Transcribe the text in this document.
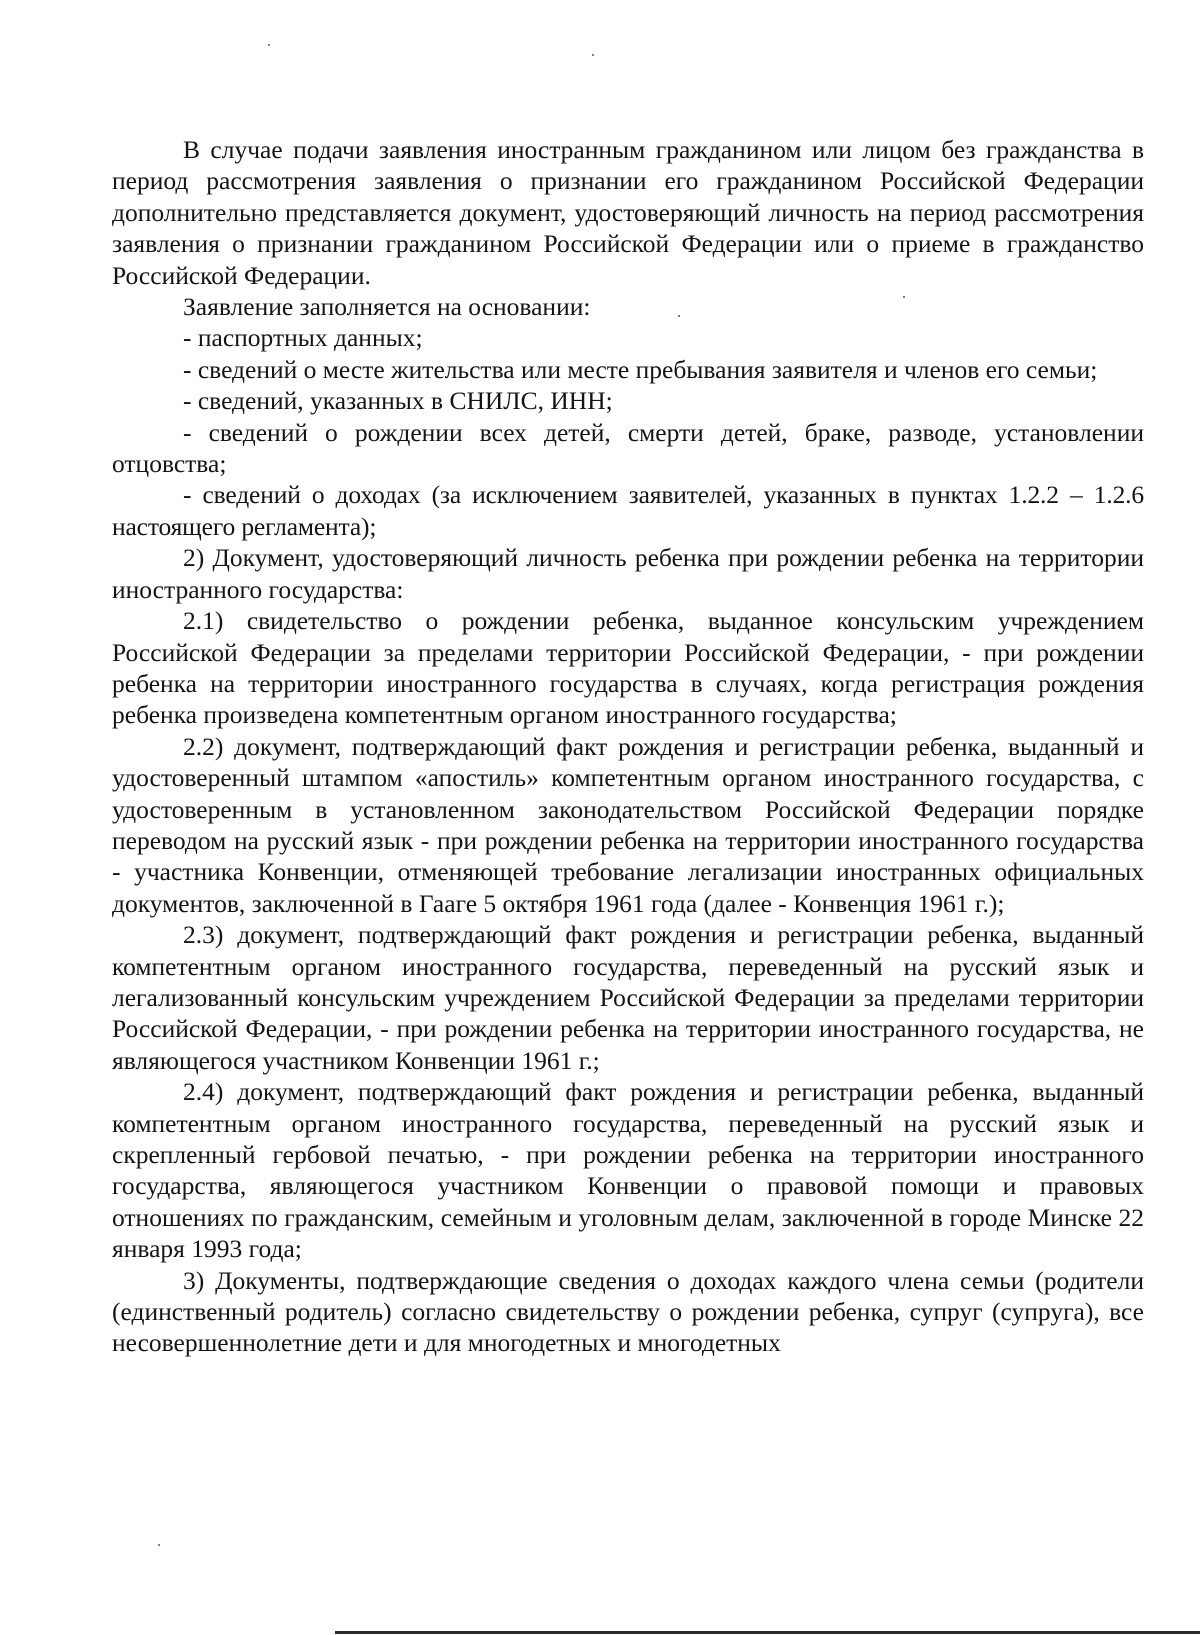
В случае подачи заявления иностранным гражданином или лицом без гражданства в период рассмотрения заявления о признании его гражданином Российской Федерации дополнительно представляется документ, удостоверяющий личность на период рассмотрения заявления о признании гражданином Российской Федерации или о приеме в гражданство Российской Федерации.

Заявление заполняется на основании:

- паспортных данных;

- сведений о месте жительства или месте пребывания заявителя и членов его семьи;

- сведений, указанных в СНИЛС, ИНН;

- сведений о рождении всех детей, смерти детей, браке, разводе, установлении отцовства;

- сведений о доходах (за исключением заявителей, указанных в пунктах 1.2.2 – 1.2.6 настоящего регламента);

2) Документ, удостоверяющий личность ребенка при рождении ребенка на территории иностранного государства:

2.1) свидетельство о рождении ребенка, выданное консульским учреждением Российской Федерации за пределами территории Российской Федерации, - при рождении ребенка на территории иностранного государства в случаях, когда регистрация рождения ребенка произведена компетентным органом иностранного государства;

2.2) документ, подтверждающий факт рождения и регистрации ребенка, выданный и удостоверенный штампом «апостиль» компетентным органом иностранного государства, с удостоверенным в установленном законодательством Российской Федерации порядке переводом на русский язык - при рождении ребенка на территории иностранного государства - участника Конвенции, отменяющей требование легализации иностранных официальных документов, заключенной в Гааге 5 октября 1961 года (далее - Конвенция 1961 г.);

2.3) документ, подтверждающий факт рождения и регистрации ребенка, выданный компетентным органом иностранного государства, переведенный на русский язык и легализованный консульским учреждением Российской Федерации за пределами территории Российской Федерации, - при рождении ребенка на территории иностранного государства, не являющегося участником Конвенции 1961 г.;

2.4) документ, подтверждающий факт рождения и регистрации ребенка, выданный компетентным органом иностранного государства, переведенный на русский язык и скрепленный гербовой печатью, - при рождении ребенка на территории иностранного государства, являющегося участником Конвенции о правовой помощи и правовых отношениях по гражданским, семейным и уголовным делам, заключенной в городе Минске 22 января 1993 года;

3) Документы, подтверждающие сведения о доходах каждого члена семьи (родители (единственный родитель) согласно свидетельству о рождении ребенка, супруг (супруга), все несовершеннолетние дети и для многодетных и многодетных
